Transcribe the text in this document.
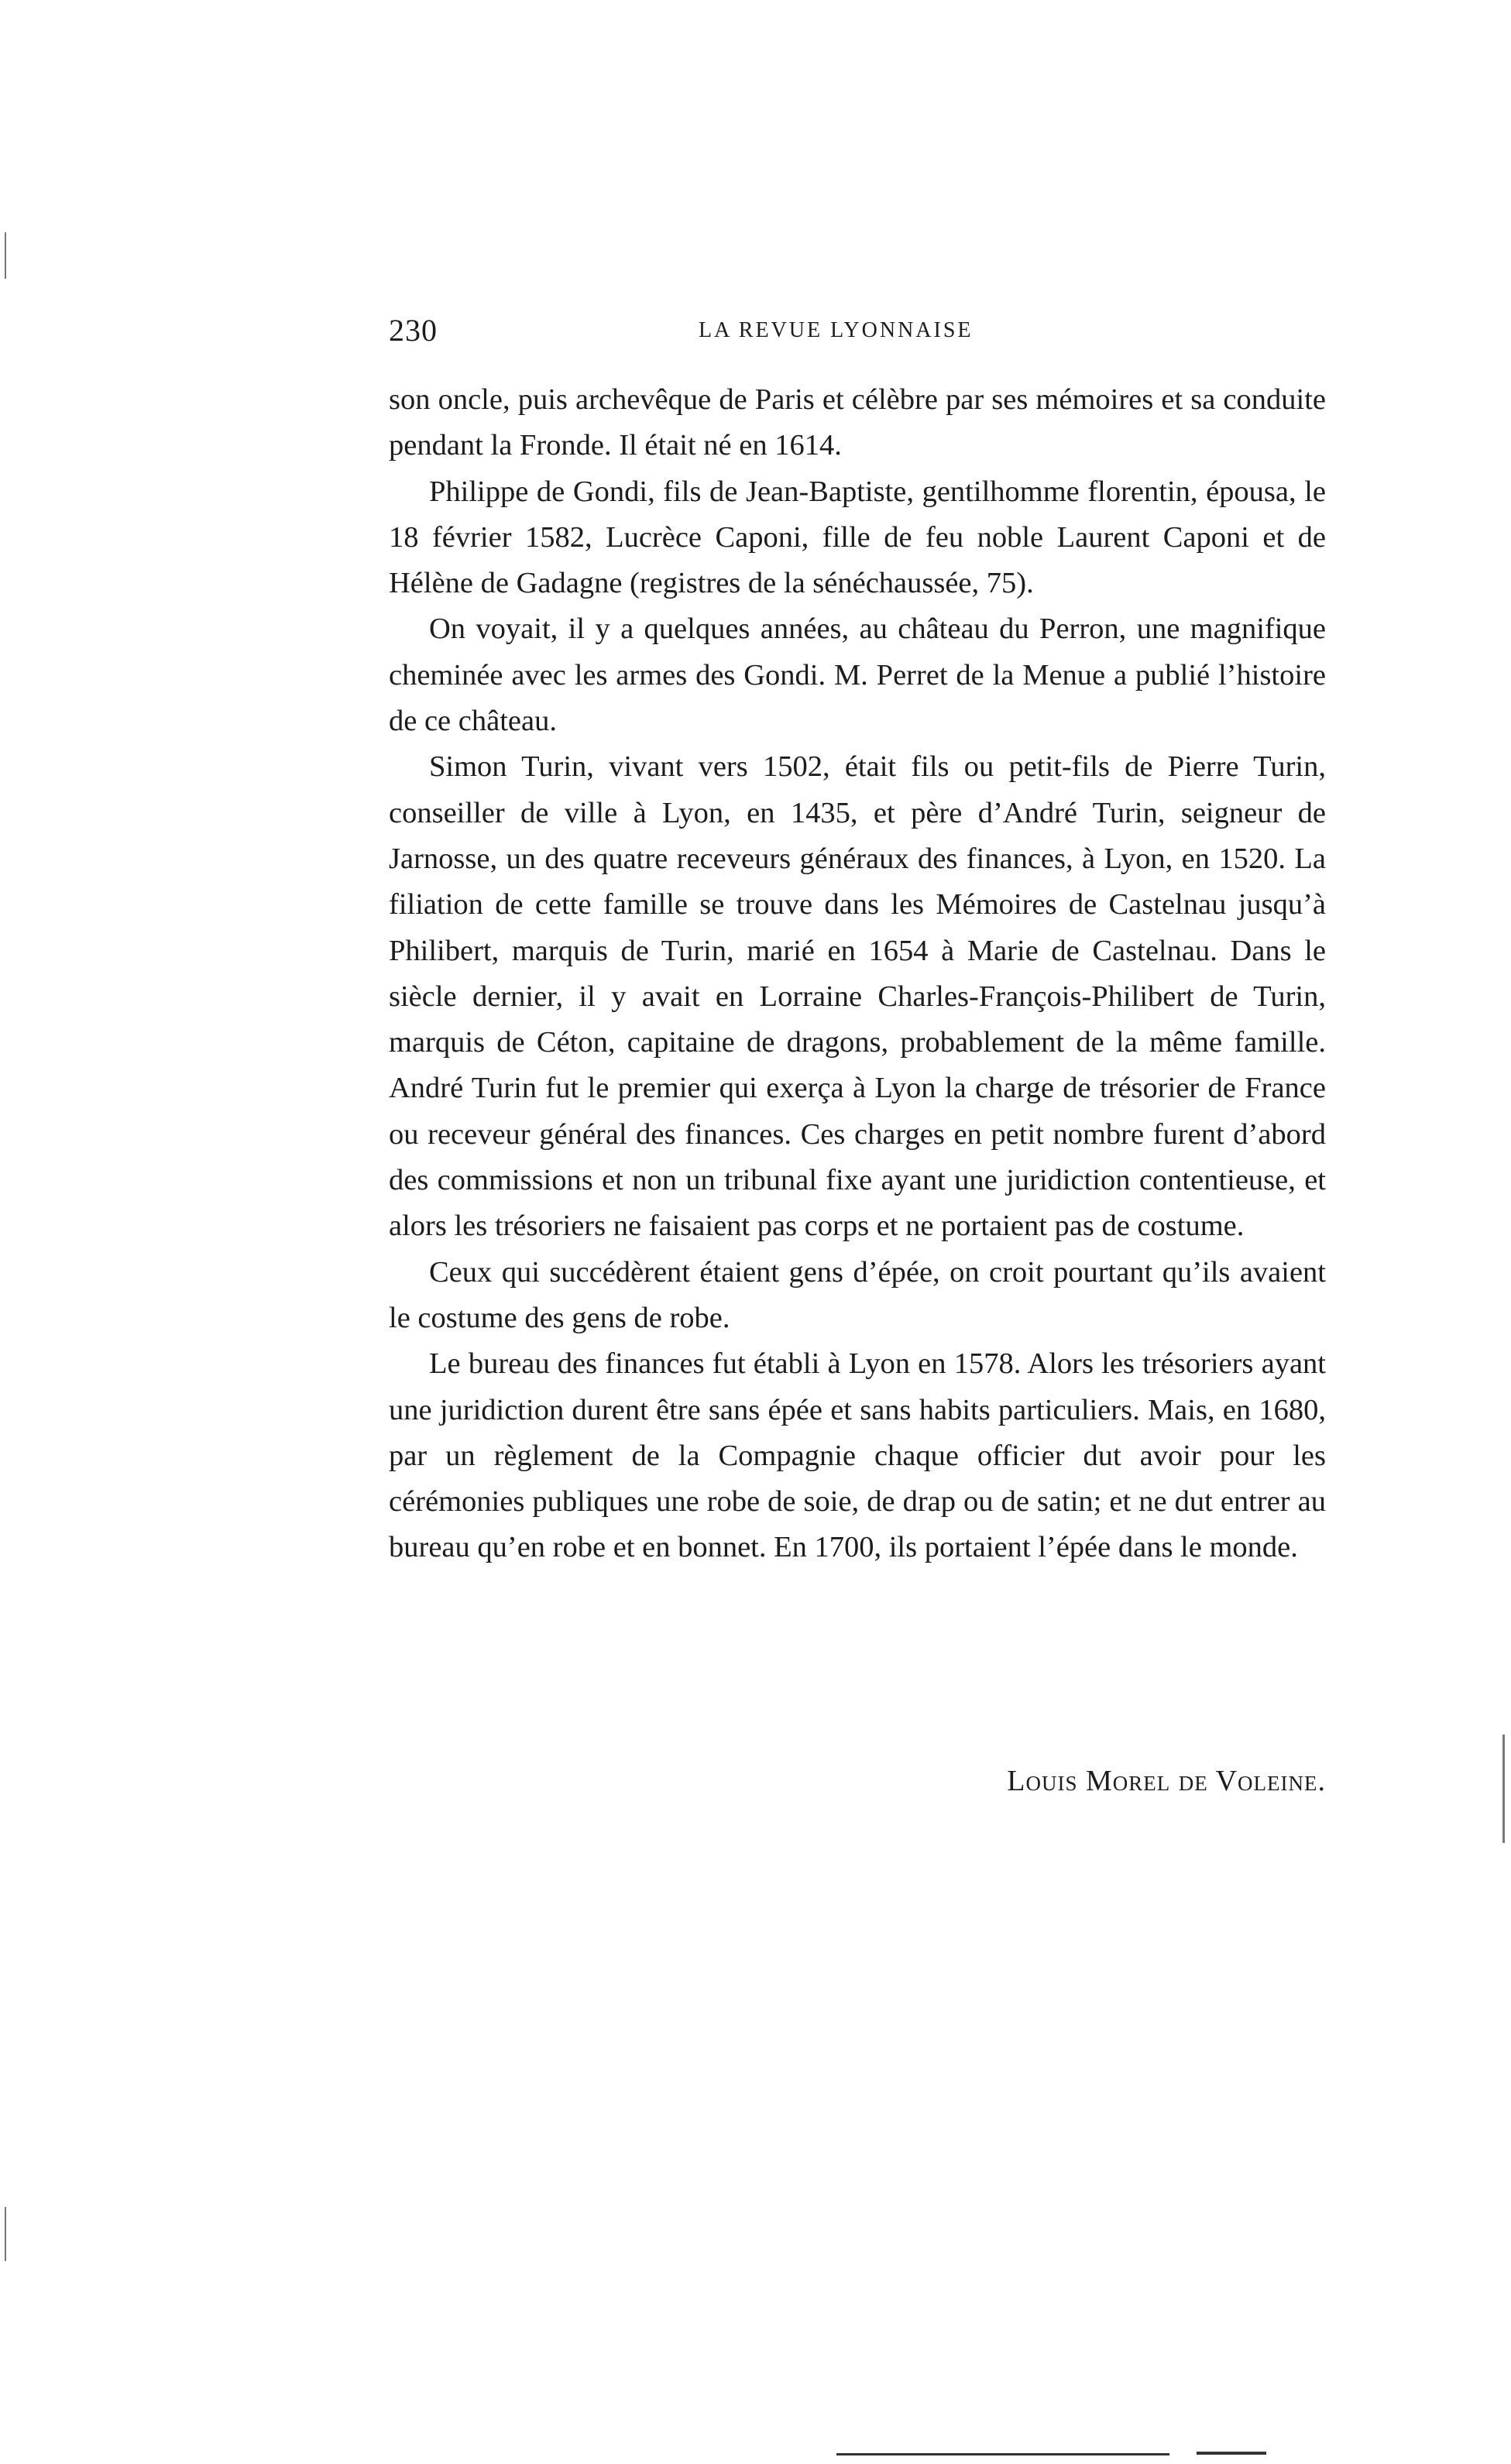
230	LA REVUE LYONNAISE

son oncle, puis archevêque de Paris et célèbre par ses mémoires et sa conduite pendant la Fronde. Il était né en 1614.

Philippe de Gondi, fils de Jean-Baptiste, gentilhomme florentin, épousa, le 18 février 1582, Lucrèce Caponi, fille de feu noble Laurent Caponi et de Hélène de Gadagne (registres de la sénéchaussée, 75).

On voyait, il y a quelques années, au château du Perron, une magnifique cheminée avec les armes des Gondi. M. Perret de la Menue a publié l’histoire de ce château.

Simon Turin, vivant vers 1502, était fils ou petit-fils de Pierre Turin, conseiller de ville à Lyon, en 1435, et père d’André Turin, seigneur de Jarnosse, un des quatre receveurs généraux des finances, à Lyon, en 1520. La filiation de cette famille se trouve dans les Mémoires de Castelnau jusqu’à Philibert, marquis de Turin, marié en 1654 à Marie de Castelnau. Dans le siècle dernier, il y avait en Lorraine Charles-François-Philibert de Turin, marquis de Céton, capitaine de dragons, probablement de la même famille. André Turin fut le premier qui exerça à Lyon la charge de trésorier de France ou receveur général des finances. Ces charges en petit nombre furent d’abord des commissions et non un tribunal fixe ayant une juridiction contentieuse, et alors les trésoriers ne faisaient pas corps et ne portaient pas de costume.

Ceux qui succédèrent étaient gens d’épée, on croit pourtant qu’ils avaient le costume des gens de robe.

Le bureau des finances fut établi à Lyon en 1578. Alors les trésoriers ayant une juridiction durent être sans épée et sans habits particuliers. Mais, en 1680, par un règlement de la Compagnie chaque officier dut avoir pour les cérémonies publiques une robe de soie, de drap ou de satin; et ne dut entrer au bureau qu’en robe et en bonnet. En 1700, ils portaient l’épée dans le monde.

Louis Morel de Voleine.
